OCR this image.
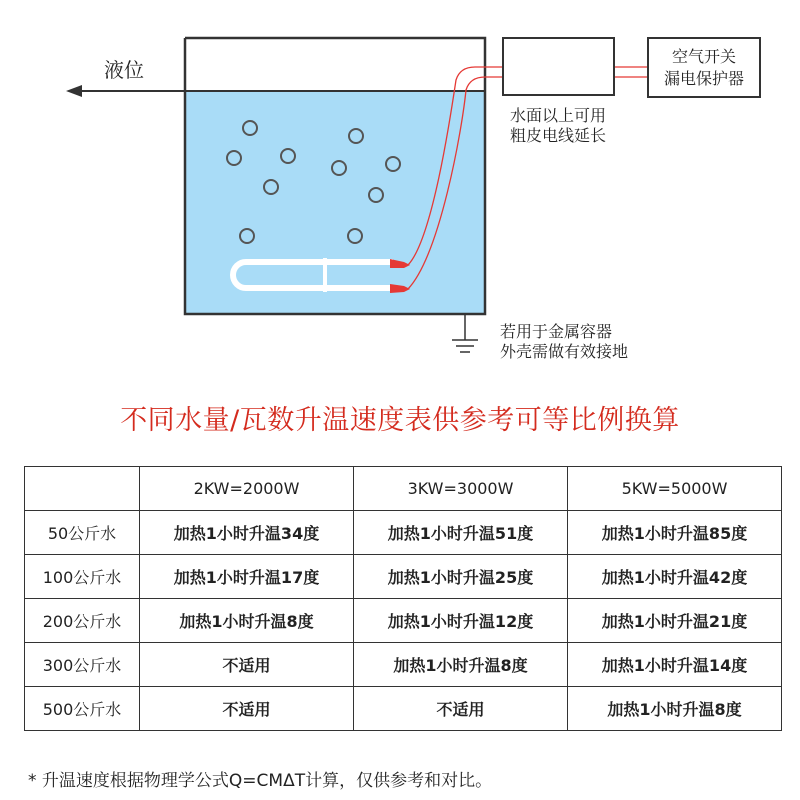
空气开关
漏电保护器
水面以上可用
粗皮电线延长
液位
若用于金属容器
外壳需做有效接地
不同水量/瓦数升温速度表供参考可等比例换算
	2KW=2000W	3KW=3000W	5KW=5000W
50公斤水	加热1小时升温34度	加热1小时升温51度	加热1小时升温85度
100公斤水	加热1小时升温17度	加热1小时升温25度	加热1小时升温42度
200公斤水	加热1小时升温8度	加热1小时升温12度	加热1小时升温21度
300公斤水	不适用	加热1小时升温8度	加热1小时升温14度
500公斤水	不适用	不适用	加热1小时升温8度
* 升温速度根据物理学公式Q=CMΔT计算，仅供参考和对比。
